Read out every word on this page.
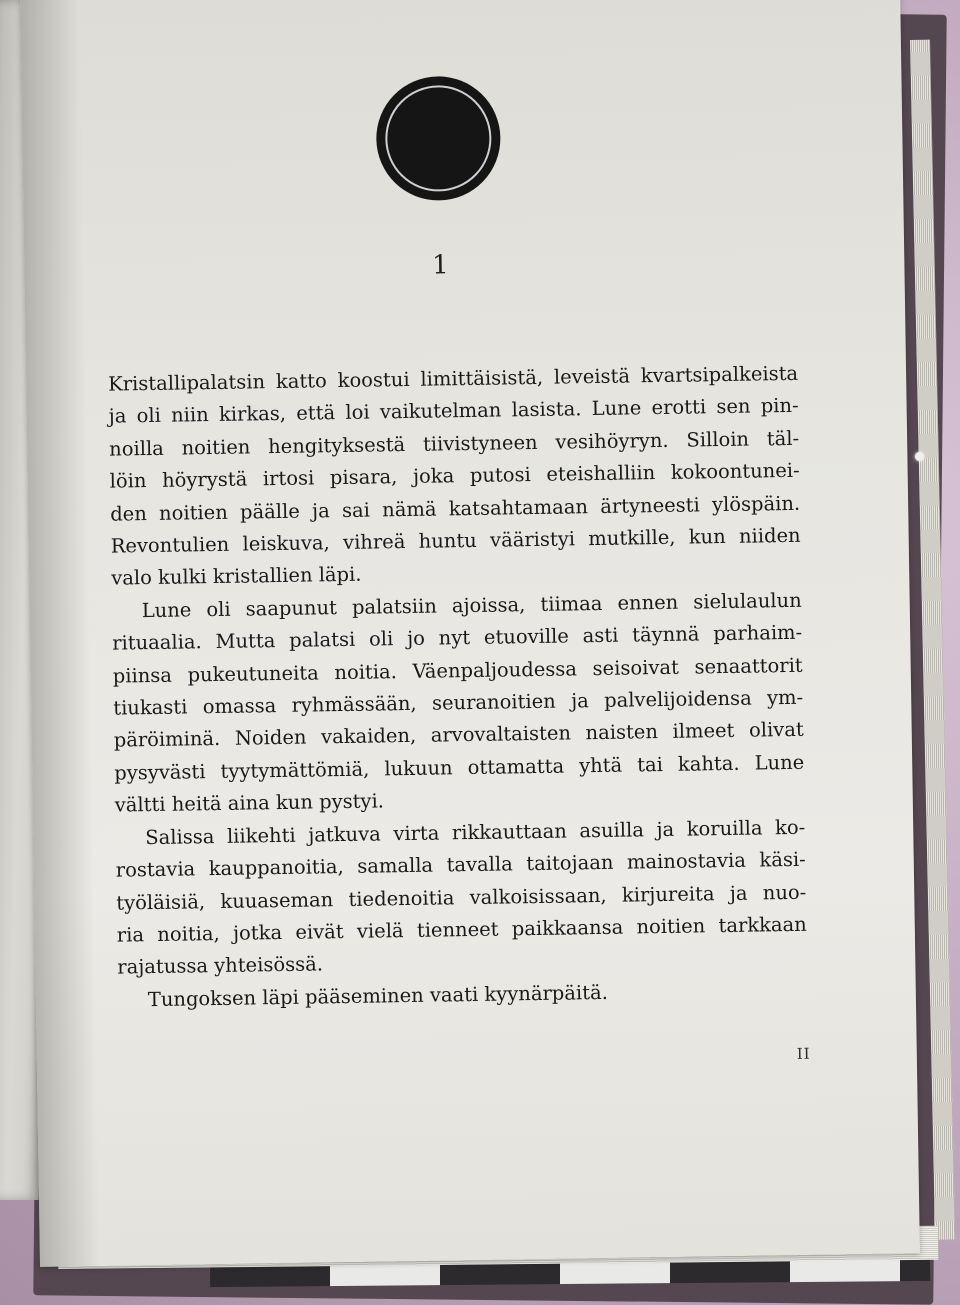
1
Kristallipalatsin katto koostui limittäisistä, leveistä kvartsipalkeista
ja oli niin kirkas, että loi vaikutelman lasista. Lune erotti sen pin-
noilla noitien hengityksestä tiivistyneen vesihöyryn. Silloin täl-
löin höyrystä irtosi pisara, joka putosi eteishalliin kokoontunei-
den noitien päälle ja sai nämä katsahtamaan ärtyneesti ylöspäin.
Revontulien leiskuva, vihreä huntu vääristyi mutkille, kun niiden
valo kulki kristallien läpi.
Lune oli saapunut palatsiin ajoissa, tiimaa ennen sielulaulun
rituaalia. Mutta palatsi oli jo nyt etuoville asti täynnä parhaim-
piinsa pukeutuneita noitia. Väenpaljoudessa seisoivat senaattorit
tiukasti omassa ryhmässään, seuranoitien ja palvelijoidensa ym-
päröiminä. Noiden vakaiden, arvovaltaisten naisten ilmeet olivat
pysyvästi tyytymättömiä, lukuun ottamatta yhtä tai kahta. Lune
vältti heitä aina kun pystyi.
Salissa liikehti jatkuva virta rikkauttaan asuilla ja koruilla ko-
rostavia kauppanoitia, samalla tavalla taitojaan mainostavia käsi-
työläisiä, kuuaseman tiedenoitia valkoisissaan, kirjureita ja nuo-
ria noitia, jotka eivät vielä tienneet paikkaansa noitien tarkkaan
rajatussa yhteisössä.
Tungoksen läpi pääseminen vaati kyynärpäitä.
II
